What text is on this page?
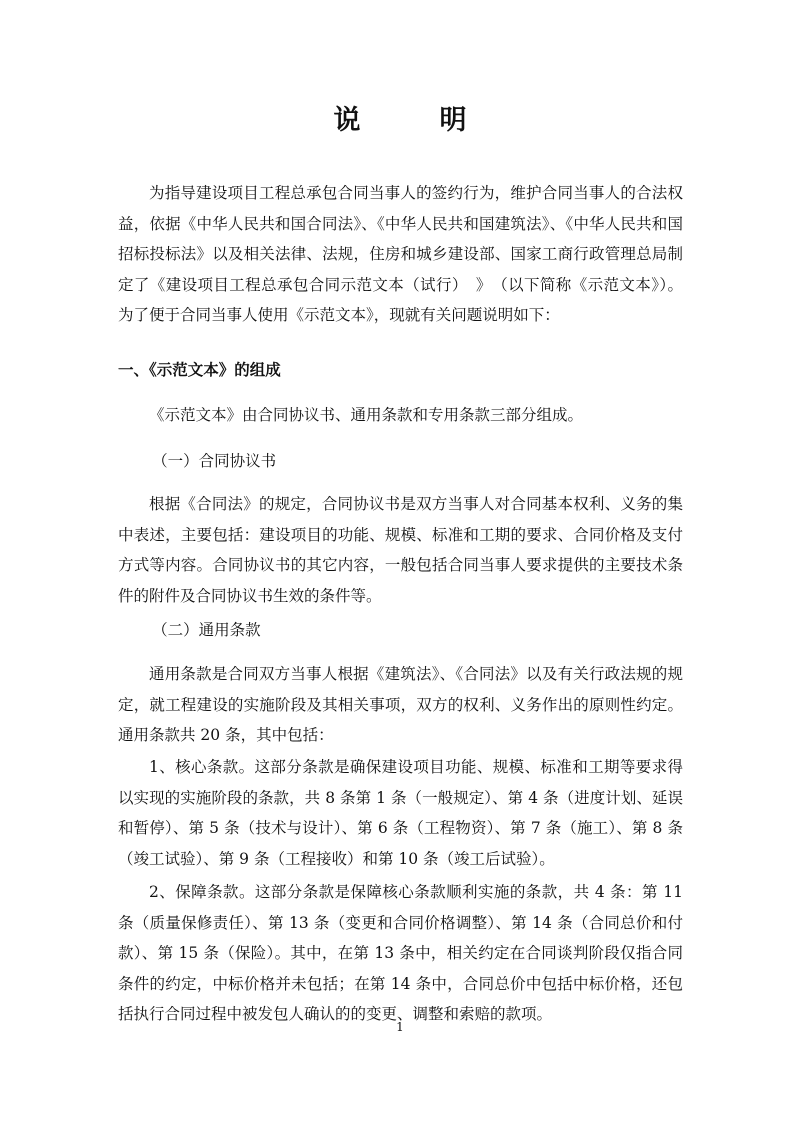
说　明

为指导建设项目工程总承包合同当事人的签约行为，维护合同当事人的合法权益，依据《中华人民共和国合同法》、《中华人民共和国建筑法》、《中华人民共和国招标投标法》以及相关法律、法规，住房和城乡建设部、国家工商行政管理总局制定了《建设项目工程总承包合同示范文本（试行）　》　（以下简称《示范文本》）。为了便于合同当事人使用《示范文本》，现就有关问题说明如下：

一、《示范文本》的组成

《示范文本》由合同协议书、通用条款和专用条款三部分组成。

（一）合同协议书

根据《合同法》的规定，合同协议书是双方当事人对合同基本权利、义务的集中表述，主要包括：建设项目的功能、规模、标准和工期的要求、合同价格及支付方式等内容。合同协议书的其它内容，一般包括合同当事人要求提供的主要技术条件的附件及合同协议书生效的条件等。

（二）通用条款

通用条款是合同双方当事人根据《建筑法》、《合同法》以及有关行政法规的规定，就工程建设的实施阶段及其相关事项，双方的权利、义务作出的原则性约定。通用条款共 20 条，其中包括：

1、核心条款。这部分条款是确保建设项目功能、规模、标准和工期等要求得以实现的实施阶段的条款，共 8 条第 1 条（一般规定）、第 4 条（进度计划、延误和暂停）、第 5 条（技术与设计）、第 6 条（工程物资）、第 7 条（施工）、第 8 条（竣工试验）、第 9 条（工程接收）和第 10 条（竣工后试验）。

2、保障条款。这部分条款是保障核心条款顺利实施的条款，共 4 条：第 11 条（质量保修责任）、第 13 条（变更和合同价格调整）、第 14 条（合同总价和付款）、第 15 条（保险）。其中，在第 13 条中，相关约定在合同谈判阶段仅指合同条件的约定，中标价格并未包括；在第 14 条中，合同总价中包括中标价格，还包括执行合同过程中被发包人确认的的变更、调整和索赔的款项。

1
